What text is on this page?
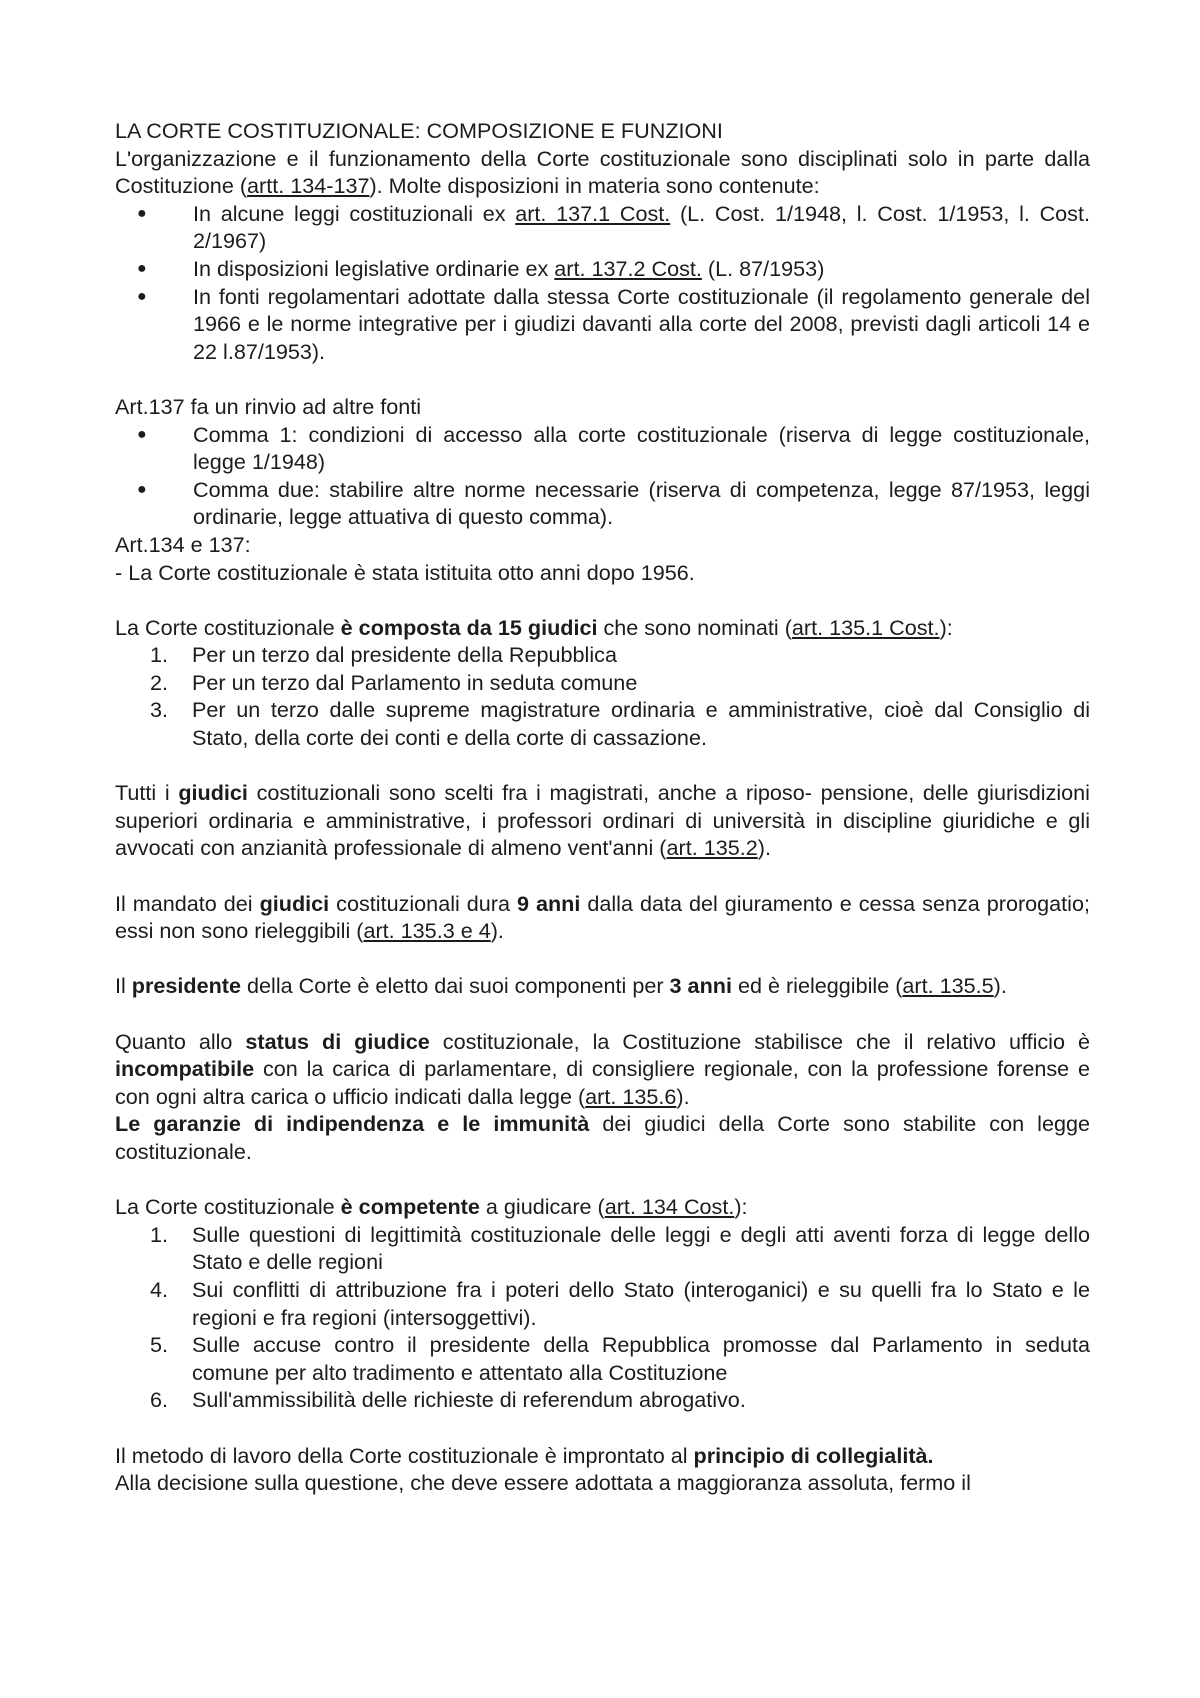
LA CORTE COSTITUZIONALE: COMPOSIZIONE E FUNZIONI

L'organizzazione e il funzionamento della Corte costituzionale sono disciplinati solo in parte dalla Costituzione (artt. 134-137). Molte disposizioni in materia sono contenute:

●	In alcune leggi costituzionali ex art. 137.1 Cost. (L. Cost. 1/1948, l. Cost. 1/1953, l. Cost. 2/1967)
●	In disposizioni legislative ordinarie ex art. 137.2 Cost. (L. 87/1953)
●	In fonti regolamentari adottate dalla stessa Corte costituzionale (il regolamento generale del 1966 e le norme integrative per i giudizi davanti alla corte del 2008, previsti dagli articoli 14 e 22 l.87/1953).

Art.137 fa un rinvio ad altre fonti

●	Comma 1: condizioni di accesso alla corte costituzionale (riserva di legge costituzionale, legge 1/1948)
●	Comma due: stabilire altre norme necessarie (riserva di competenza, legge 87/1953, leggi ordinarie, legge attuativa di questo comma).

Art.134 e 137:

- La Corte costituzionale è stata istituita otto anni dopo 1956.

La Corte costituzionale è composta da 15 giudici che sono nominati (art. 135.1 Cost.):

1. Per un terzo dal presidente della Repubblica
2. Per un terzo dal Parlamento in seduta comune
3. Per un terzo dalle supreme magistrature ordinaria e amministrative, cioè dal Consiglio di Stato, della corte dei conti e della corte di cassazione.

Tutti i giudici costituzionali sono scelti fra i magistrati, anche a riposo- pensione, delle giurisdizioni superiori ordinaria e amministrative, i professori ordinari di università in discipline giuridiche e gli avvocati con anzianità professionale di almeno vent'anni (art. 135.2).

Il mandato dei giudici costituzionali dura 9 anni dalla data del giuramento e cessa senza prorogatio; essi non sono rieleggibili (art. 135.3 e 4).

Il presidente della Corte è eletto dai suoi componenti per 3 anni ed è rieleggibile (art. 135.5).

Quanto allo status di giudice costituzionale, la Costituzione stabilisce che il relativo ufficio è incompatibile con la carica di parlamentare, di consigliere regionale, con la professione forense e con ogni altra carica o ufficio indicati dalla legge (art. 135.6).

Le garanzie di indipendenza e le immunità dei giudici della Corte sono stabilite con legge costituzionale.

La Corte costituzionale è competente a giudicare (art. 134 Cost.):

1. Sulle questioni di legittimità costituzionale delle leggi e degli atti aventi forza di legge dello Stato e delle regioni
4. Sui conflitti di attribuzione fra i poteri dello Stato (interoganici) e su quelli fra lo Stato e le regioni e fra regioni (intersoggettivi).
5. Sulle accuse contro il presidente della Repubblica promosse dal Parlamento in seduta comune per alto tradimento e attentato alla Costituzione
6. Sull'ammissibilità delle richieste di referendum abrogativo.

Il metodo di lavoro della Corte costituzionale è improntato al principio di collegialità.

Alla decisione sulla questione, che deve essere adottata a maggioranza assoluta, fermo il
